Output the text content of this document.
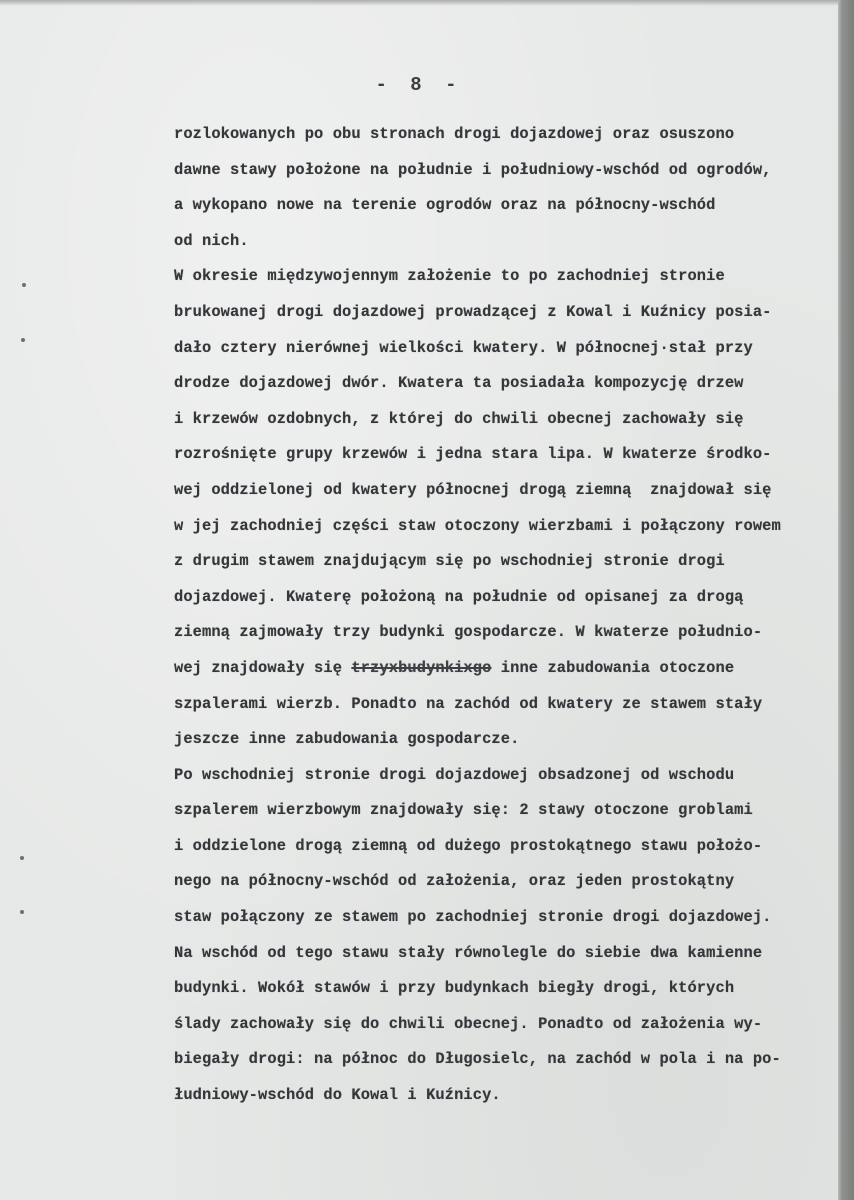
- 8 -
rozlokowanych po obu stronach drogi dojazdowej oraz osuszono
dawne stawy położone na południe i południowy-wschód od ogrodów,
a wykopano nowe na terenie ogrodów oraz na północny-wschód
od nich.
W okresie międzywojennym założenie to po zachodniej stronie
brukowanej drogi dojazdowej prowadzącej z Kowal i Kuźnicy posia-
dało cztery nierównej wielkości kwatery. W północnej·stał przy
drodze dojazdowej dwór. Kwatera ta posiadała kompozycję drzew
i krzewów ozdobnych, z której do chwili obecnej zachowały się
rozrośnięte grupy krzewów i jedna stara lipa. W kwaterze środko-
wej oddzielonej od kwatery północnej drogą ziemną  znajdował się
w jej zachodniej części staw otoczony wierzbami i połączony rowem
z drugim stawem znajdującym się po wschodniej stronie drogi
dojazdowej. Kwaterę położoną na południe od opisanej za drogą
ziemną zajmowały trzy budynki gospodarcze. W kwaterze południo-
wej znajdowały się trzyxbudynkixgo inne zabudowania otoczone
szpalerami wierzb. Ponadto na zachód od kwatery ze stawem stały
jeszcze inne zabudowania gospodarcze.
Po wschodniej stronie drogi dojazdowej obsadzonej od wschodu
szpalerem wierzbowym znajdowały się: 2 stawy otoczone groblami
i oddzielone drogą ziemną od dużego prostokątnego stawu położo-
nego na północny-wschód od założenia, oraz jeden prostokątny
staw połączony ze stawem po zachodniej stronie drogi dojazdowej.
Na wschód od tego stawu stały równolegle do siebie dwa kamienne
budynki. Wokół stawów i przy budynkach biegły drogi, których
ślady zachowały się do chwili obecnej. Ponadto od założenia wy-
biegały drogi: na północ do Długosielc, na zachód w pola i na po-
łudniowy-wschód do Kowal i Kuźnicy.
